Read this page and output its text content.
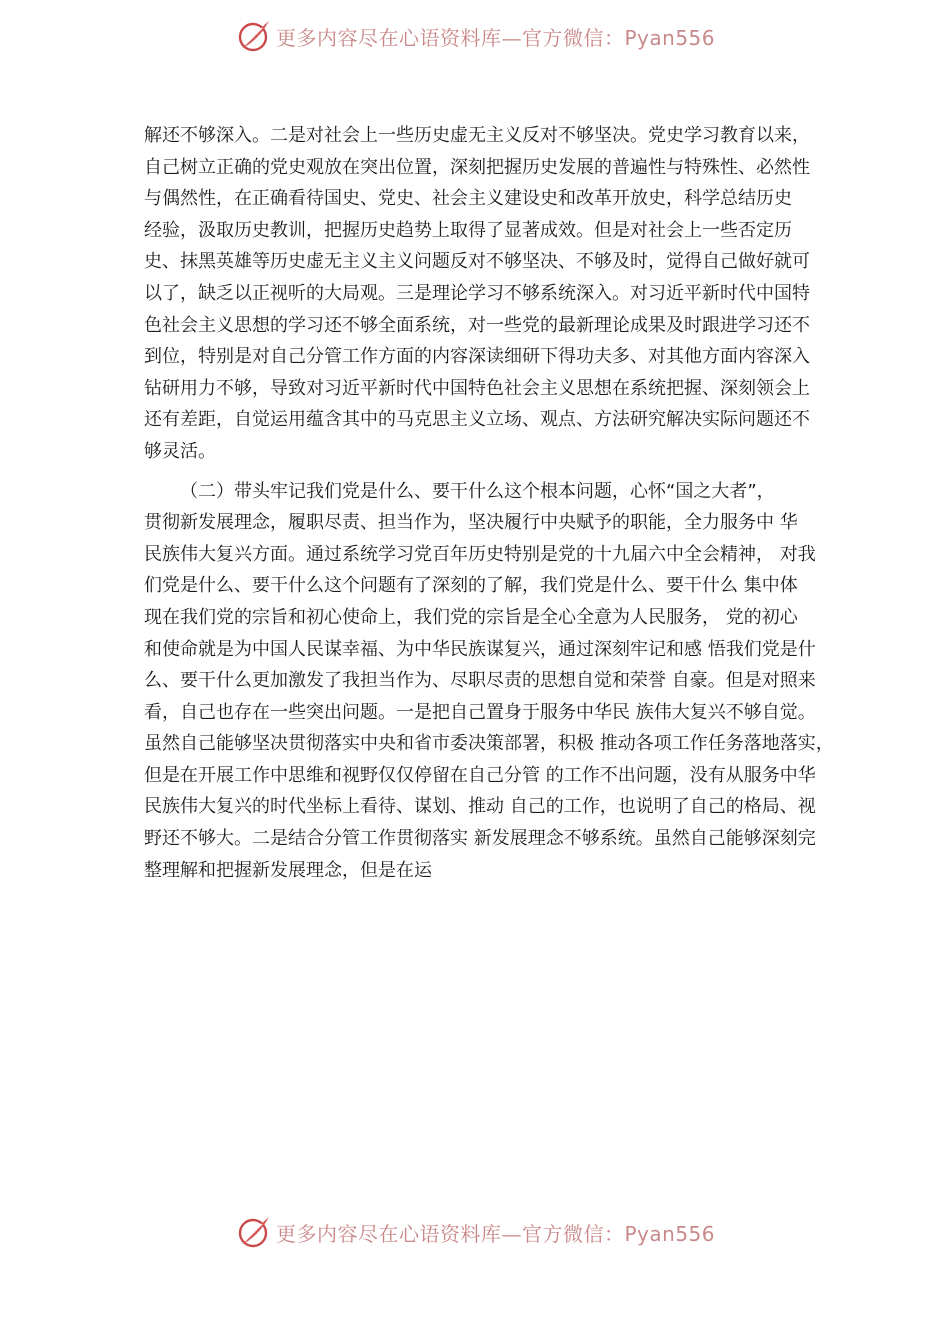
更多内容尽在心语资料库—官方微信：Pyan556

解还不够深入。二是对社会上一些历史虚无主义反对不够坚决。党史学习教育以来，
自己树立正确的党史观放在突出位置，深刻把握历史发展的普遍性与特殊性、必然性
与偶然性，在正确看待国史、党史、社会主义建设史和改革开放史，科学总结历史
经验，汲取历史教训，把握历史趋势上取得了显著成效。但是对社会上一些否定历
史、抹黑英雄等历史虚无主义主义问题反对不够坚决、不够及时，觉得自己做好就可
以了，缺乏以正视听的大局观。三是理论学习不够系统深入。对习近平新时代中国特
色社会主义思想的学习还不够全面系统，对一些党的最新理论成果及时跟进学习还不
到位，特别是对自己分管工作方面的内容深读细研下得功夫多、对其他方面内容深入
钻研用力不够，导致对习近平新时代中国特色社会主义思想在系统把握、深刻领会上
还有差距，自觉运用蕴含其中的马克思主义立场、观点、方法研究解决实际问题还不
够灵活。

（二）带头牢记我们党是什么、要干什么这个根本问题，心怀“国之大者”，
贯彻新发展理念，履职尽责、担当作为，坚决履行中央赋予的职能，全力服务中 华
民族伟大复兴方面。通过系统学习党百年历史特别是党的十九届六中全会精神， 对我
们党是什么、要干什么这个问题有了深刻的了解，我们党是什么、要干什么 集中体
现在我们党的宗旨和初心使命上，我们党的宗旨是全心全意为人民服务， 党的初心
和使命就是为中国人民谋幸福、为中华民族谋复兴，通过深刻牢记和感 悟我们党是什
么、要干什么更加激发了我担当作为、尽职尽责的思想自觉和荣誉 自豪。但是对照来
看，自己也存在一些突出问题。一是把自己置身于服务中华民 族伟大复兴不够自觉。
虽然自己能够坚决贯彻落实中央和省市委决策部署，积极 推动各项工作任务落地落实，
但是在开展工作中思维和视野仅仅停留在自己分管 的工作不出问题，没有从服务中华
民族伟大复兴的时代坐标上看待、谋划、推动 自己的工作，也说明了自己的格局、视
野还不够大。二是结合分管工作贯彻落实 新发展理念不够系统。虽然自己能够深刻完
整理解和把握新发展理念，但是在运

更多内容尽在心语资料库—官方微信：Pyan556
